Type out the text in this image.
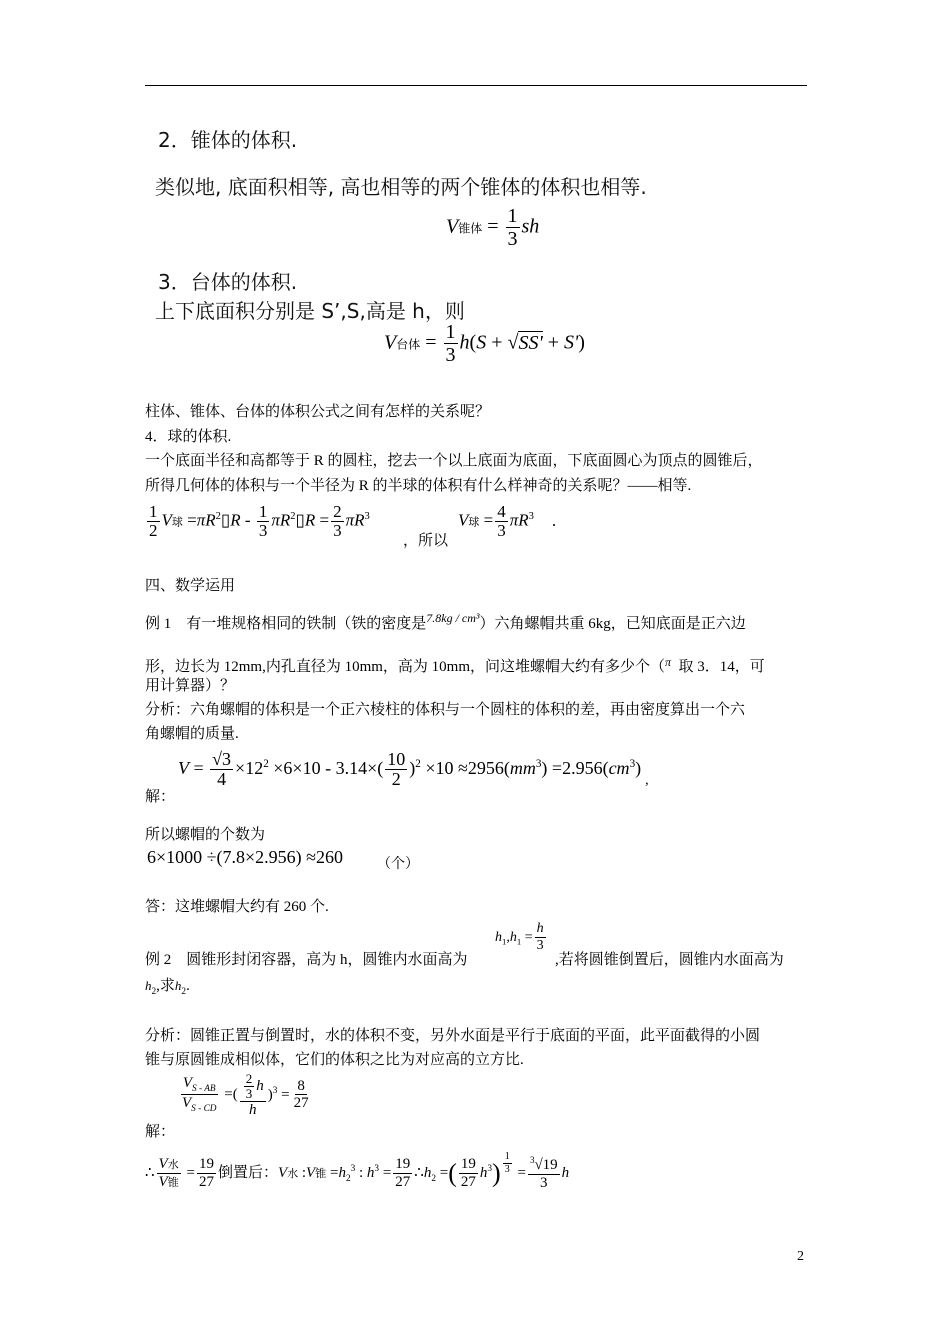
2．锥体的体积.
类似地, 底面积相等, 高也相等的两个锥体的体积也相等.
V锥体 = $\frac{1}{3}$ sh
3．台体的体积.
上下底面积分别是 S’,S,高是 h，则
V台体 = $\frac{1}{3} h(S + √SS' + S')$
柱体、锥体、台体的体积公式之间有怎样的关系呢？
4．球的体积.
一个底面半径和高都等于 R 的圆柱，挖去一个以上底面为底面，下底面圆心为顶点的圆锥后，
所得几何体的体积与一个半径为 R 的半球的体积有什么样神奇的关系呢？——相等.
$\frac{1}{2}$ V球 $=\pi R^2▯R - \frac{1}{3}$ $\pi R^2▯R = \frac{2}{3} \pi R^3$
，所以
V球 = $\frac{4}{3} \pi R^3$ .
四、数学运用
例 1　有一堆规格相同的铁制（铁的密度是$^{7.8kg / cm^3}$）六角螺帽共重 6kg，已知底面是正六边
形，边长为 12mm,内孔直径为 10mm，高为 10mm，问这堆螺帽大约有多少个（$^\pi$ 取 3．14，可
用计算器）？
分析：六角螺帽的体积是一个正六棱柱的体积与一个圆柱的体积的差，再由密度算出一个六
角螺帽的质量.
解：
$V = \frac{√3}{4} \times 12^2 \times 6\times 10 - 3.14\times( \frac{10}{2} )^2 \times 10 \approx 2956(mm^3) =2.956(cm^3)_,$
所以螺帽的个数为
6×1000 ÷(7.8×2.956) ≈260 （个）
答：这堆螺帽大约有 260 个.
例 2　圆锥形封闭容器，高为 h，圆锥内水面高为
$h_1,h_1 = \frac{h}{3}$
,若将圆锥倒置后，圆锥内水面高为
$h_2$,求$h_2$.
分析：圆锥正置与倒置时，水的体积不变，另外水面是平行于底面的平面，此平面截得的小圆
锥与原圆锥成相似体，它们的体积之比为对应高的立方比.
解：
$\frac{V_{S - AB}}{V_{S - CD}}$ =( $\frac{\frac{2}{3} h}{h} )^3 = \frac{8}{27}$
∴ $\frac{\text{V水}}{\text{V锥}} = \frac{19}{27}$ 倒置后：V水 :V锥 $=h_2^3$ : $h^3 = \frac{19}{27}$ $\therefore h_2$ =( $\frac{19}{27} h^3) \frac{1}{3} = \frac{^3√19}{3}$ h
2
